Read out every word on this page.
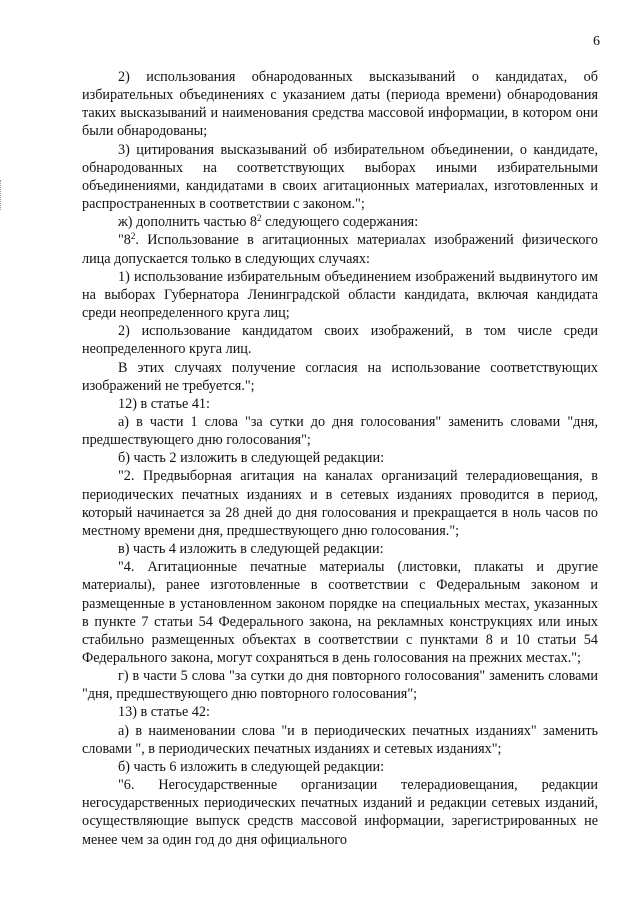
6

2) использования обнародованных высказываний о кандидатах, об избирательных объединениях с указанием даты (периода времени) обнародования таких высказываний и наименования средства массовой информации, в котором они были обнародованы;

3) цитирования высказываний об избирательном объединении, о кандидате, обнародованных на соответствующих выборах иными избирательными объединениями, кандидатами в своих агитационных материалах, изготовленных и распространенных в соответствии с законом.";

ж) дополнить частью $8^2$ следующего содержания:

"$8^2$. Использование в агитационных материалах изображений физического лица допускается только в следующих случаях:

1) использование избирательным объединением изображений выдвинутого им на выборах Губернатора Ленинградской области кандидата, включая кандидата среди неопределенного круга лиц;

2) использование кандидатом своих изображений, в том числе среди неопределенного круга лиц.

В этих случаях получение согласия на использование соответствующих изображений не требуется.";

12) в статье 41:

а) в части 1 слова "за сутки до дня голосования" заменить словами "дня, предшествующего дню голосования";

б) часть 2 изложить в следующей редакции:

"2. Предвыборная агитация на каналах организаций телерадиовещания, в периодических печатных изданиях и в сетевых изданиях проводится в период, который начинается за 28 дней до дня голосования и прекращается в ноль часов по местному времени дня, предшествующего дню голосования.";

в) часть 4 изложить в следующей редакции:

"4. Агитационные печатные материалы (листовки, плакаты и другие материалы), ранее изготовленные в соответствии с Федеральным законом и размещенные в установленном законом порядке на специальных местах, указанных в пункте 7 статьи 54 Федерального закона, на рекламных конструкциях или иных стабильно размещенных объектах в соответствии с пунктами 8 и 10 статьи 54 Федерального закона, могут сохраняться в день голосования на прежних местах.";

г) в части 5 слова "за сутки до дня повторного голосования" заменить словами "дня, предшествующего дню повторного голосования";

13) в статье 42:

а) в наименовании слова "и в периодических печатных изданиях" заменить словами ", в периодических печатных изданиях и сетевых изданиях";

б) часть 6 изложить в следующей редакции:

"6. Негосударственные организации телерадиовещания, редакции негосударственных периодических печатных изданий и редакции сетевых изданий, осуществляющие выпуск средств массовой информации, зарегистрированных не менее чем за один год до дня официального
